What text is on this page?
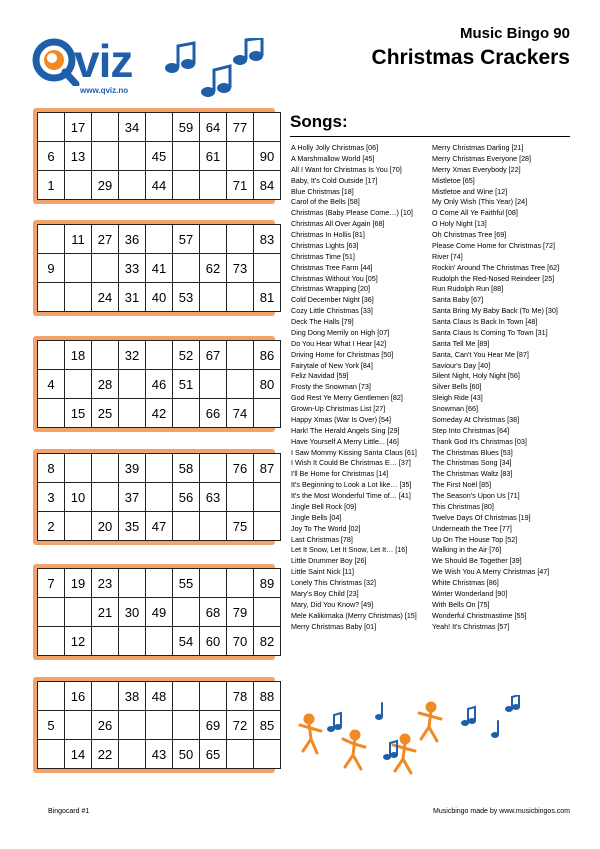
viz
www.qviz.no
Music Bingo 90
Christmas Crackers
	17		34		59	64	77	
6	13			45		61		90
1		29		44			71	84
	11	27	36		57			83
9			33	41		62	73	
		24	31	40	53			81
	18		32		52	67		86
4		28		46	51			80
	15	25		42		66	74	
8			39		58		76	87
3	10		37		56	63		
2		20	35	47			75	
7	19	23			55			89
		21	30	49		68	79	
	12				54	60	70	82
	16		38	48			78	88
5		26				69	72	85
	14	22		43	50	65		
Songs:
A Holly Jolly Christmas [06]
A Marshmallow World [45]
All I Want for Christmas Is You [70]
Baby, It's Cold Outside [17]
Blue Christmas [18]
Carol of the Bells [58]
Christmas (Baby Please Come…) [10]
Christmas All Over Again [68]
Christmas In Hollis [81]
Christmas Lights [63]
Christmas Time [51]
Christmas Tree Farm [44]
Christmas Without You [05]
Christmas Wrapping [20]
Cold December Night [36]
Cozy Little Christmas [33]
Deck The Halls [79]
Ding Dong Merrily on High [07]
Do You Hear What I Hear [42]
Driving Home for Christmas [50]
Fairytale of New York [84]
Feliz Navidad [59]
Frosty the Snowman [73]
God Rest Ye Merry Gentlemen [82]
Grown-Up Christmas List [27]
Happy Xmas (War Is Over) [54]
Hark! The Herald Angels Sing [29]
Have Yourself A Merry Little... [46]
I Saw Mommy Kissing Santa Claus [61]
I Wish It Could Be Christmas E… [37]
I'll Be Home for Christmas [14]
It's Beginning to Look a Lot like… [35]
It's the Most Wonderful Time of… [41]
Jingle Bell Rock [09]
Jingle Bells [04]
Joy To The World [02]
Last Christmas [78]
Let It Snow, Let It Snow, Let It… [16]
Little Drummer Boy [26]
Little Saint Nick [11]
Lonely This Christmas [32]
Mary's Boy Child [23]
Mary, Did You Know? [49]
Mele Kalikimaka (Merry Christmas) [15]
Merry Christmas Baby [01]
Merry Christmas Darling [21]
Merry Christmas Everyone [28]
Merry Xmas Everybody [22]
Mistletoe [65]
Mistletoe and Wine [12]
My Only Wish (This Year) [24]
O Come All Ye Faithful [08]
O Holy Night [13]
Oh Christmas Tree [69]
Please Come Home for Christmas [72]
River [74]
Rockin' Around The Christmas Tree [62]
Rudolph the Red-Nosed Reindeer [25]
Run Rudolph Run [88]
Santa Baby [67]
Santa Bring My Baby Back (To Me) [30]
Santa Claus Is Back In Town [48]
Santa Claus Is Coming To Town [31]
Santa Tell Me [89]
Santa, Can't You Hear Me [87]
Saviour's Day [40]
Silent Night, Holy Night [56]
Silver Bells [60]
Sleigh Ride [43]
Snowman [66]
Someday At Christmas [38]
Step Into Christmas [64]
Thank God It's Christmas [03]
The Christmas Blues [53]
The Christmas Song [34]
The Christmas Waltz [83]
The First Noël [85]
The Season's Upon Us [71]
This Christmas [80]
Twelve Days Of Christmas [19]
Underneath the Tree [77]
Up On The House Top [52]
Walking in the Air [76]
We Should Be Together [39]
We Wish You A Merry Christmas [47]
White Christmas [86]
Winter Wonderland [90]
With Bells On [75]
Wonderful Christmastime [55]
Yeah! It's Christmas [57]
Bingocard #1	Musicbingo made by www.musicbingos.com
